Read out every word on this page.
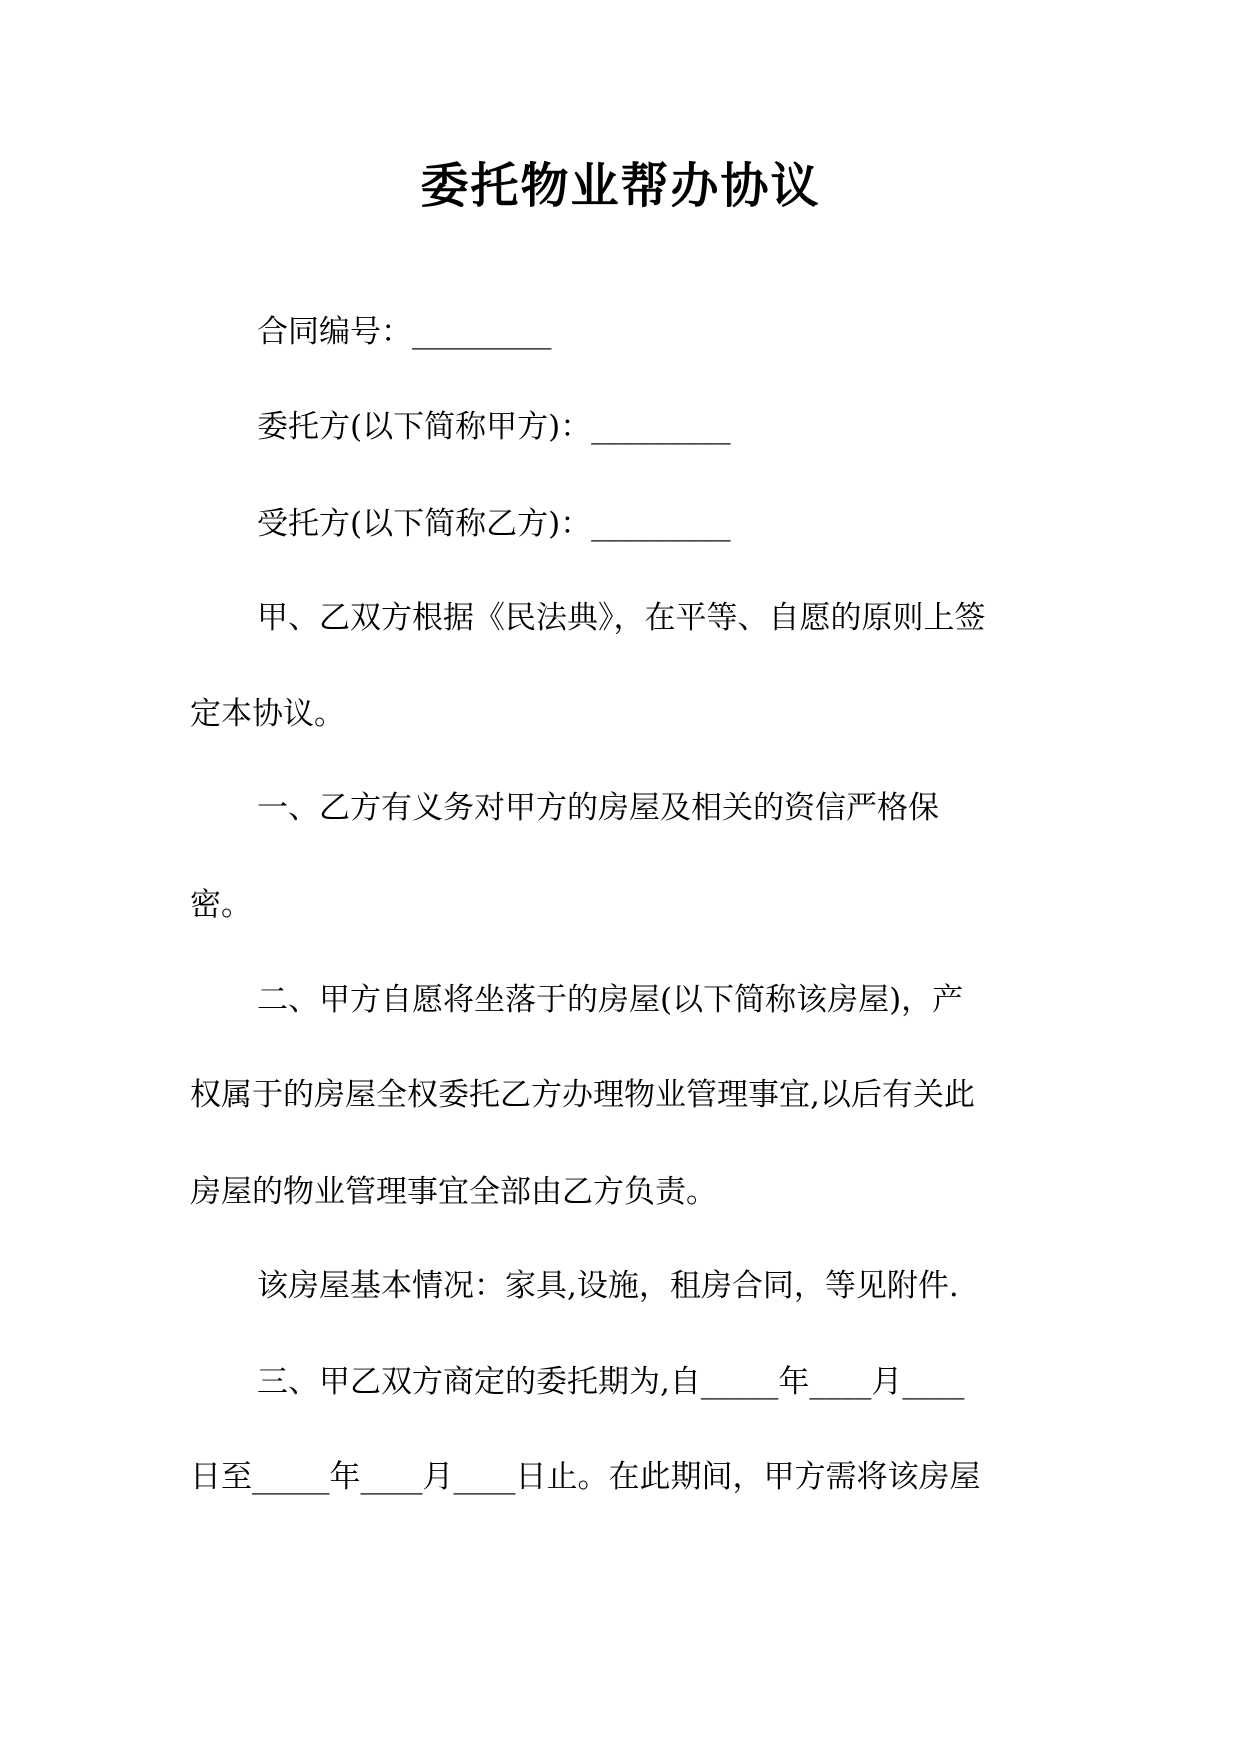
委托物业帮办协议

合同编号：_________

委托方(以下简称甲方)：_________

受托方(以下简称乙方)：_________

甲、乙双方根据《民法典》，在平等、自愿的原则上签

定本协议。

一、乙方有义务对甲方的房屋及相关的资信严格保

密。

二、甲方自愿将坐落于的房屋(以下简称该房屋)，产

权属于的房屋全权委托乙方办理物业管理事宜,以后有关此

房屋的物业管理事宜全部由乙方负责。

该房屋基本情况：家具,设施，租房合同，等见附件.

三、甲乙双方商定的委托期为,自_____年____月____

日至_____年____月____日止。在此期间，甲方需将该房屋
